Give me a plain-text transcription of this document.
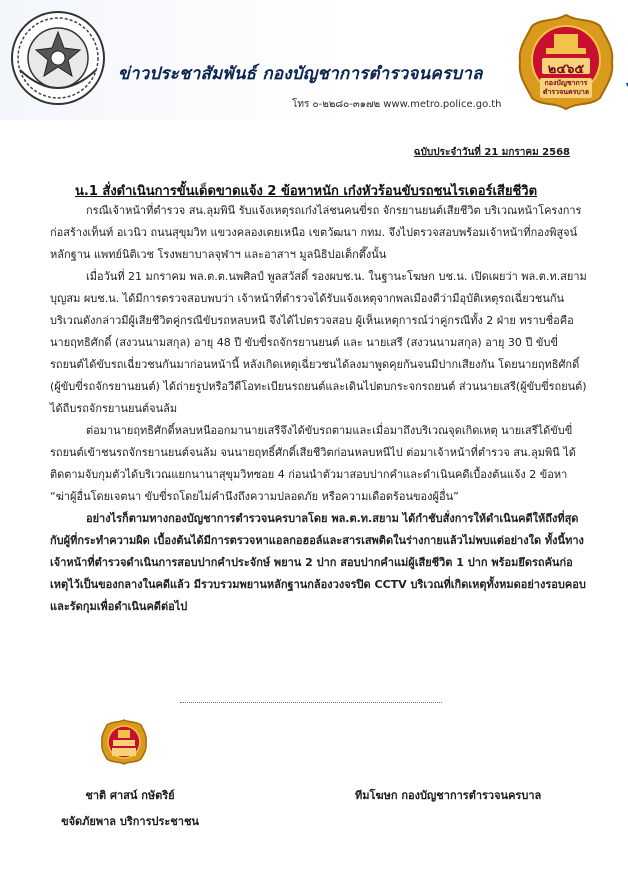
๒๔๖๕
กองบัญชาการ
ตำรวจนครบาล
ข่าวประชาสัมพันธ์ กองบัญชาการตำรวจนครบาล
โทร ๐-๒๒๘๐-๓๑๗๒ www.metro.police.go.th
ฉบับประจำวันที่ 21 มกราคม 2568
น.1 สั่งดำเนินการขั้นเด็ดขาดแจ้ง 2 ข้อหาหนัก เก๋งหัวร้อนขับรถชนไรเดอร์เสียชีวิต

กรณีเจ้าหน้าที่ตำรวจ สน.ลุมพินี รับแจ้งเหตุรถเก๋งไล่ชนคนขี่รถ จักรยานยนต์เสียชีวิต บริเวณหน้าโครงการก่อสร้างเท็นท์ อเวนิว ถนนสุขุมวิท แขวงคลองเตยเหนือ เขตวัฒนา กทม. จึงไปตรวจสอบพร้อมเจ้าหน้าที่กองพิสูจน์หลักฐาน แพทย์นิติเวช โรงพยาบาลจุฬาฯ และอาสาฯ มูลนิธิปอเต็กตึ๊งนั้น

เมื่อวันที่ 21 มกราคม พล.ต.ต.นพศิลป์ พูลสวัสดิ์ รองผบช.น. ในฐานะโฆษก บช.น. เปิดเผยว่า พล.ต.ท.สยาม บุญสม ผบช.น. ได้มีการตรวจสอบพบว่า เจ้าหน้าที่ตำรวจได้รับแจ้งเหตุจากพลเมืองดีว่ามีอุบัติเหตุรถเฉี่ยวชนกันบริเวณดังกล่าวมีผู้เสียชีวิตคู่กรณีขับรถหลบหนี จึงได้ไปตรวจสอบ ผู้เห็นเหตุการณ์ว่าคู่กรณีทั้ง 2 ฝ่าย ทราบชื่อคือ นายฤทธิศักดิ์ (สงวนนามสกุล) อายุ 48 ปี ขับขี่รถจักรยานยนต์ และ นายเสรี (สงวนนามสกุล) อายุ 30 ปี ขับขี่รถยนต์ได้ขับรถเฉี่ยวชนกันมาก่อนหน้านี้ หลังเกิดเหตุเฉี่ยวชนได้ลงมาพูดคุยกันจนมีปากเสียงกัน โดยนายฤทธิศักดิ์ (ผู้ขับขี่รถจักรยานยนต์) ได้ถ่ายรูปหรือวีดีโอทะเบียนรถยนต์และเดินไปตบกระจกรถยนต์ ส่วนนายเสรี(ผู้ขับขี่รถยนต์) ได้ถีบรถจักรยานยนต์จนล้ม

ต่อมานายฤทธิศักดิ์หลบหนีออกมานายเสรีจึงได้ขับรถตามและเมื่อมาถึงบริเวณจุดเกิดเหตุ นายเสรีได้ขับขี่รถยนต์เข้าชนรถจักรยานยนต์จนล้ม จนนายฤทธิ์ศักดิ์เสียชีวิตก่อนหลบหนีไป ต่อมาเจ้าหน้าที่ตำรวจ สน.ลุมพินี ได้ติดตามจับกุมตัวได้บริเวณแยกนานาสุขุมวิทซอย 4 ก่อนนำตัวมาสอบปากคำและดำเนินคดีเบื้องต้นแจ้ง 2 ข้อหา “ฆ่าผู้อื่นโดยเจตนา ขับขี่รถโดยไม่คำนึงถึงความปลอดภัย หรือความเดือดร้อนของผู้อื่น”

อย่างไรก็ตามทางกองบัญชาการตำรวจนครบาลโดย พล.ต.ท.สยาม ได้กำชับสั่งการให้ดำเนินคดีให้ถึงที่สุดกับผู้ที่กระทำความผิด เบื้องต้นได้มีการตรวจหาแอลกอฮอล์และสารเสพติดในร่างกายแล้วไม่พบแต่อย่างใด ทั้งนี้ทางเจ้าหน้าที่ตำรวจดำเนินการสอบปากคำประจักษ์ พยาน 2 ปาก สอบปากคำแม่ผู้เสียชีวิต 1 ปาก พร้อมยึดรถคันก่อเหตุไว้เป็นของกลางในคดีแล้ว มีรวบรวมพยานหลักฐานกล้องวงจรปิด CCTV บริเวณที่เกิดเหตุทั้งหมดอย่างรอบคอบและรัดกุมเพื่อดำเนินคดีต่อไป

ชาติ ศาสน์ กษัตริย์
ขจัดภัยพาล บริการประชาชน
ทีมโฆษก กองบัญชาการตำรวจนครบาล
